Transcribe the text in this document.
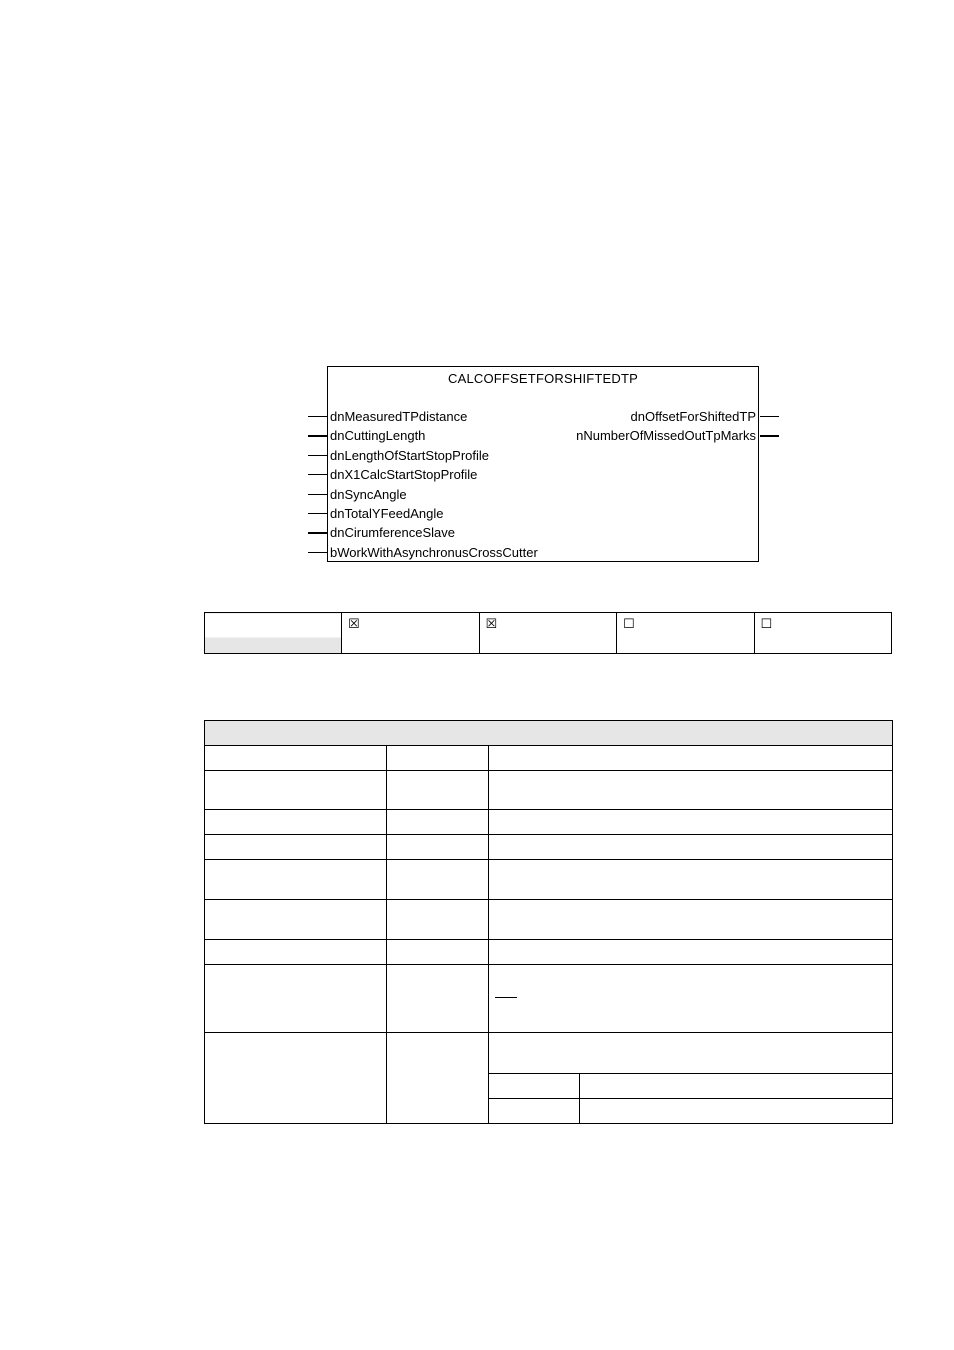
CALCOFFSETFORSHIFTEDTP
dnMeasuredTPdistance
dnCuttingLength
dnLengthOfStartStopProfile
dnX1CalcStartStopProfile
dnSyncAngle
dnTotalYFeedAngle
dnCirumferenceSlave
bWorkWithAsynchronusCrossCutter
dnOffsetForShiftedTP
nNumberOfMissedOutTpMarks
	☒	☒	☐	☐
